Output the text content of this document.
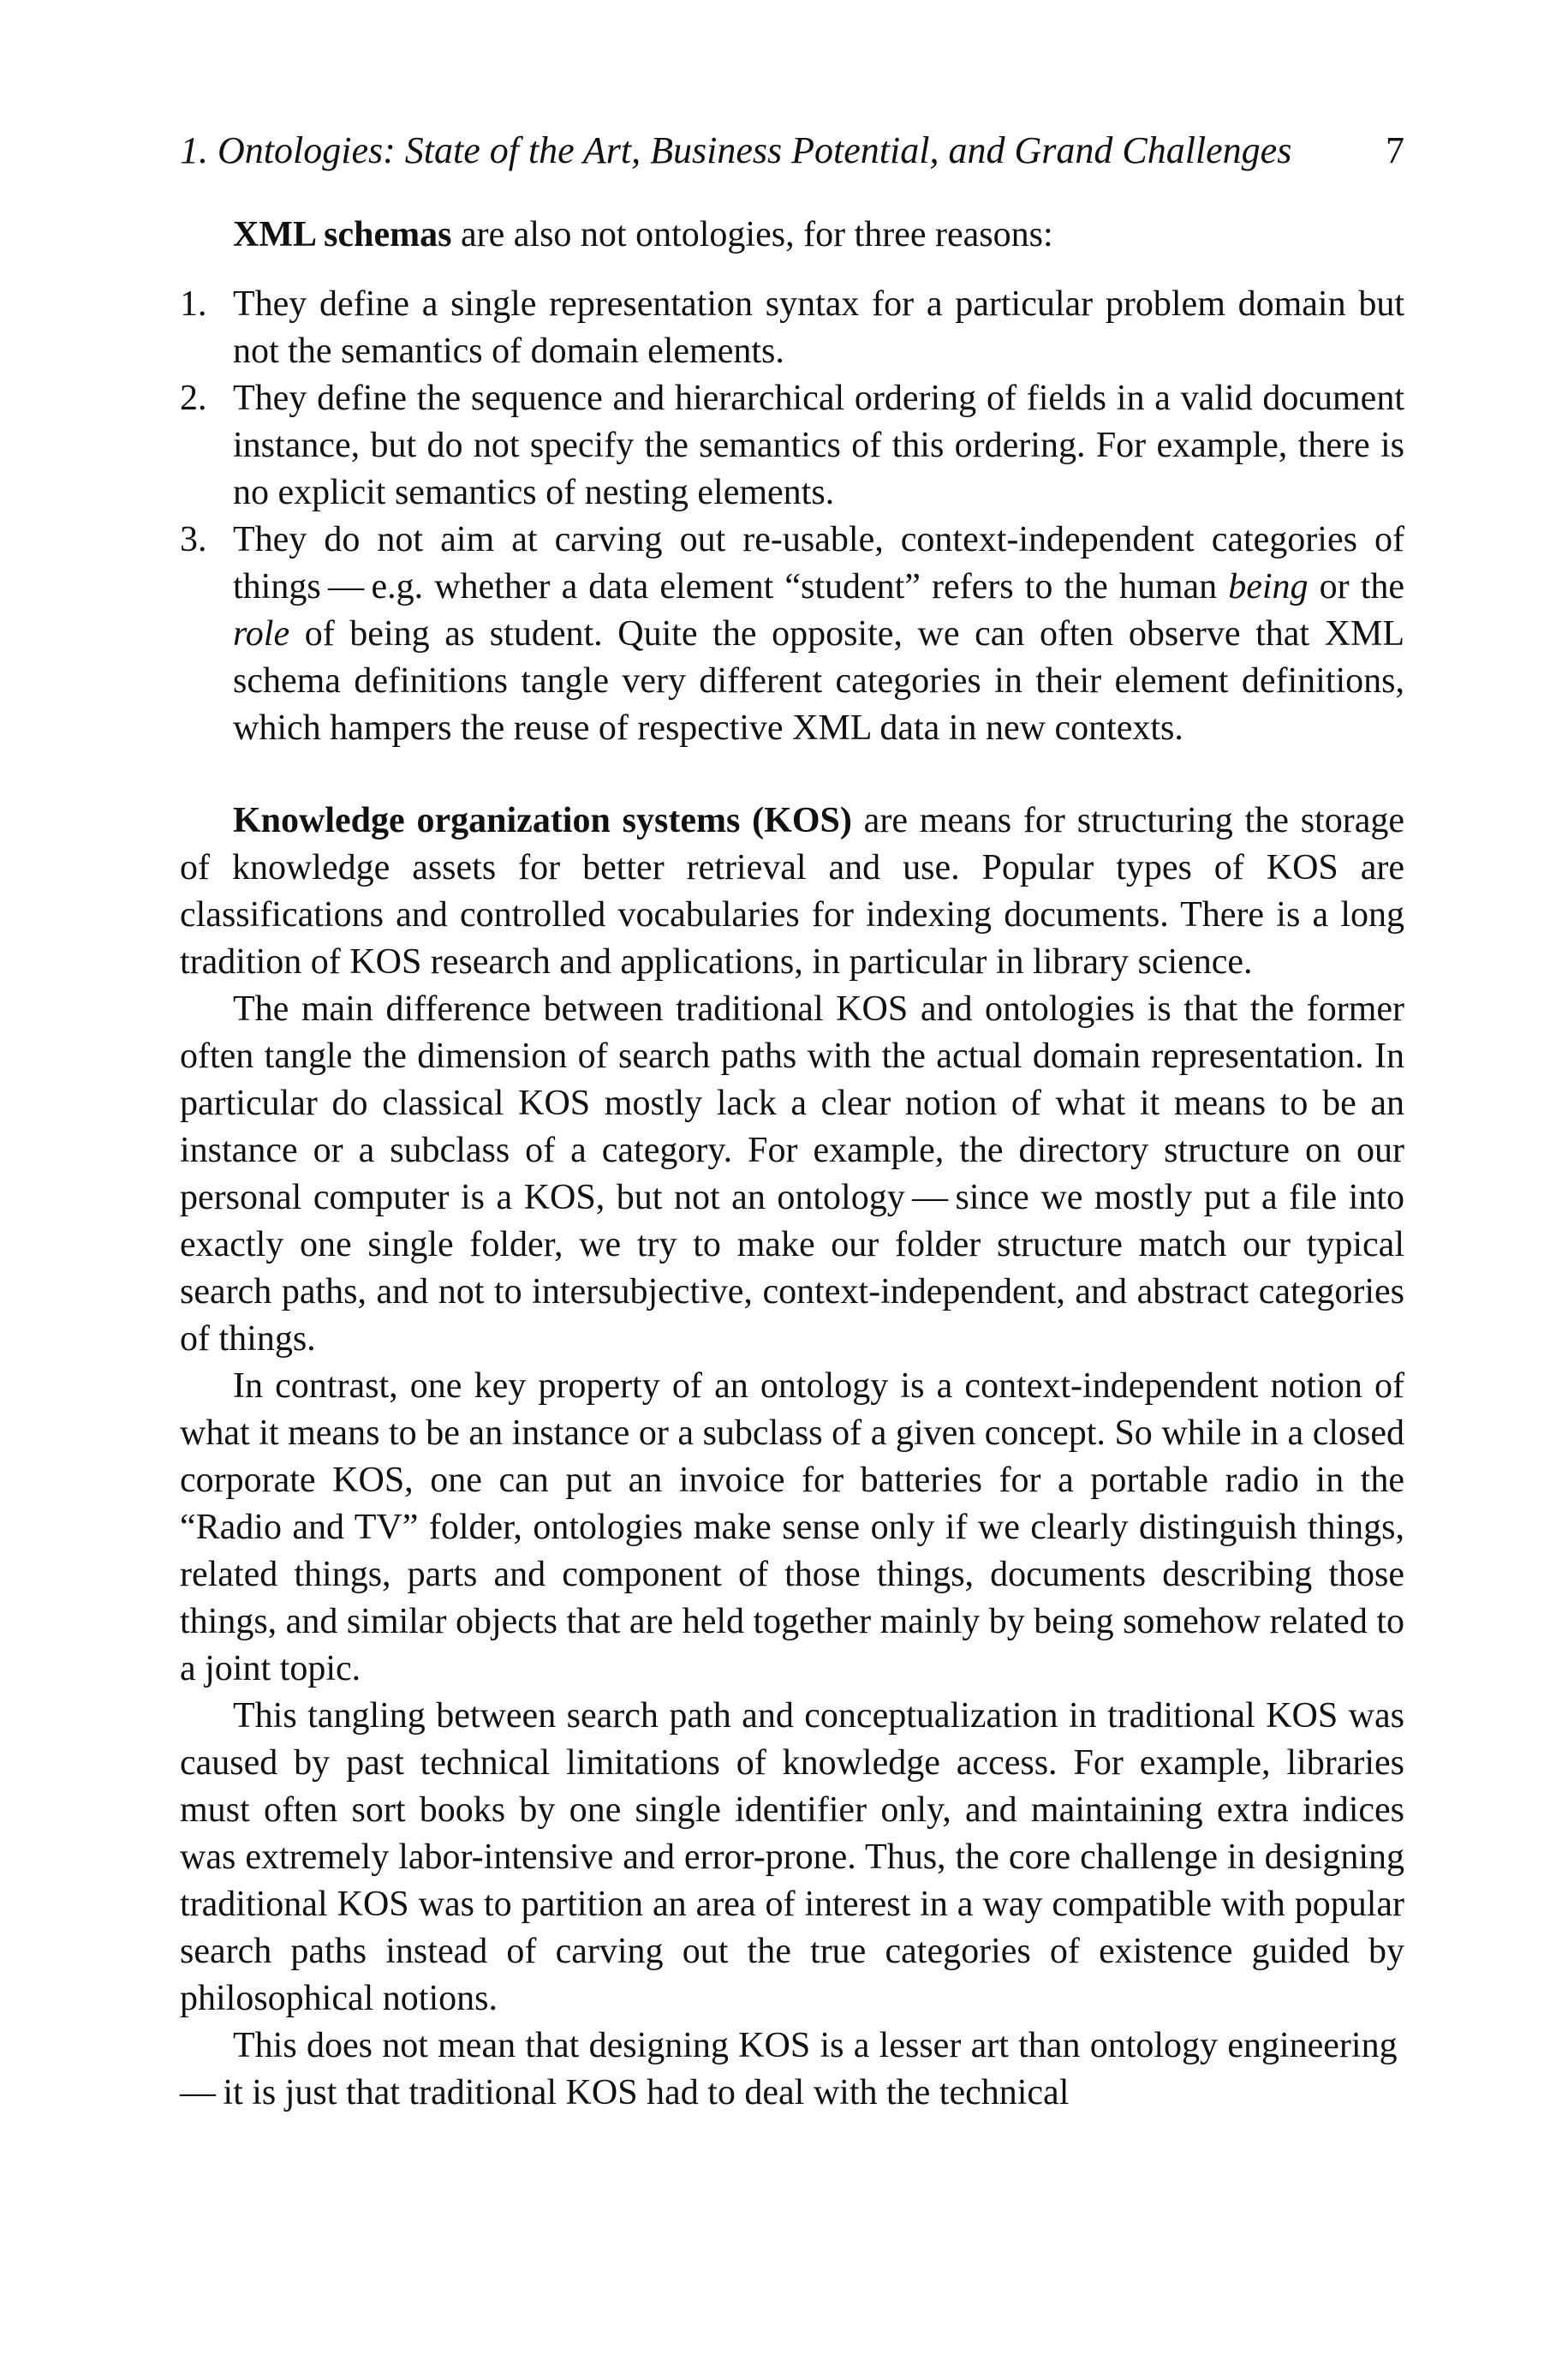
1. Ontologies: State of the Art, Business Potential, and Grand Challenges 7

XML schemas are also not ontologies, for three reasons:

1. They define a single representation syntax for a particular problem domain but not the semantics of domain elements.
2. They define the sequence and hierarchical ordering of fields in a valid document instance, but do not specify the semantics of this ordering. For example, there is no explicit semantics of nesting elements.
3. They do not aim at carving out re-usable, context-independent categories of things — e.g. whether a data element “student” refers to the human being or the role of being as student. Quite the opposite, we can often observe that XML schema definitions tangle very different categories in their element definitions, which hampers the reuse of respective XML data in new contexts.

Knowledge organization systems (KOS) are means for structuring the storage of knowledge assets for better retrieval and use. Popular types of KOS are classifications and controlled vocabularies for indexing documents. There is a long tradition of KOS research and applications, in particular in library science.

The main difference between traditional KOS and ontologies is that the former often tangle the dimension of search paths with the actual domain representation. In particular do classical KOS mostly lack a clear notion of what it means to be an instance or a subclass of a category. For example, the directory structure on our personal computer is a KOS, but not an ontology — since we mostly put a file into exactly one single folder, we try to make our folder structure match our typical search paths, and not to intersubjective, context-independent, and abstract categories of things.

In contrast, one key property of an ontology is a context-independent notion of what it means to be an instance or a subclass of a given concept. So while in a closed corporate KOS, one can put an invoice for batteries for a portable radio in the “Radio and TV” folder, ontologies make sense only if we clearly distinguish things, related things, parts and component of those things, documents describing those things, and similar objects that are held together mainly by being somehow related to a joint topic.

This tangling between search path and conceptualization in traditional KOS was caused by past technical limitations of knowledge access. For example, libraries must often sort books by one single identifier only, and maintaining extra indices was extremely labor-intensive and error-prone. Thus, the core challenge in designing traditional KOS was to partition an area of interest in a way compatible with popular search paths instead of carving out the true categories of existence guided by philosophical notions.

This does not mean that designing KOS is a lesser art than ontology engineering — it is just that traditional KOS had to deal with the technical
